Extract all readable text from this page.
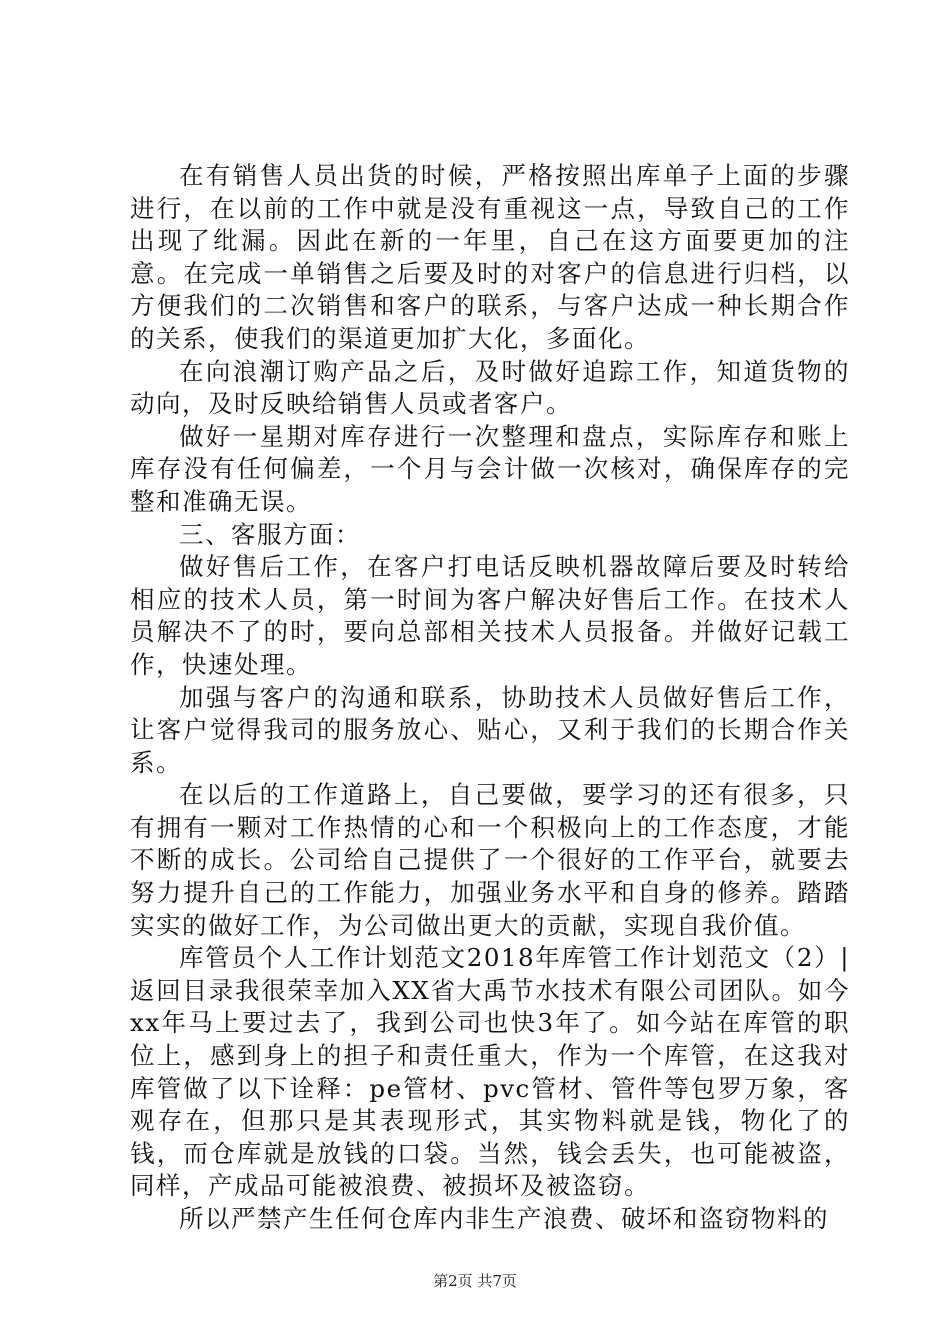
在有销售人员出货的时候，严格按照出库单子上面的步骤进行，在以前的工作中就是没有重视这一点，导致自己的工作出现了纰漏。因此在新的一年里，自己在这方面要更加的注意。在完成一单销售之后要及时的对客户的信息进行归档，以方便我们的二次销售和客户的联系，与客户达成一种长期合作的关系，使我们的渠道更加扩大化，多面化。

在向浪潮订购产品之后，及时做好追踪工作，知道货物的动向，及时反映给销售人员或者客户。

做好一星期对库存进行一次整理和盘点，实际库存和账上库存没有任何偏差，一个月与会计做一次核对，确保库存的完整和准确无误。

三、客服方面：

做好售后工作，在客户打电话反映机器故障后要及时转给相应的技术人员，第一时间为客户解决好售后工作。在技术人员解决不了的时，要向总部相关技术人员报备。并做好记载工作，快速处理。

加强与客户的沟通和联系，协助技术人员做好售后工作，让客户觉得我司的服务放心、贴心，又利于我们的长期合作关系。

在以后的工作道路上，自己要做，要学习的还有很多，只有拥有一颗对工作热情的心和一个积极向上的工作态度，才能不断的成长。公司给自己提供了一个很好的工作平台，就要去努力提升自己的工作能力，加强业务水平和自身的修养。踏踏实实的做好工作，为公司做出更大的贡献，实现自我价值。

库管员个人工作计划范文2018年库管工作计划范文（2）|返回目录我很荣幸加入XX省大禹节水技术有限公司团队。如今xx年马上要过去了，我到公司也快3年了。如今站在库管的职位上，感到身上的担子和责任重大，作为一个库管，在这我对库管做了以下诠释：pe管材、pvc管材、管件等包罗万象，客观存在，但那只是其表现形式，其实物料就是钱，物化了的钱，而仓库就是放钱的口袋。当然，钱会丢失，也可能被盗，同样，产成品可能被浪费、被损坏及被盗窃。

所以严禁产生任何仓库内非生产浪费、破坏和盗窃物料的

第2页 共7页
